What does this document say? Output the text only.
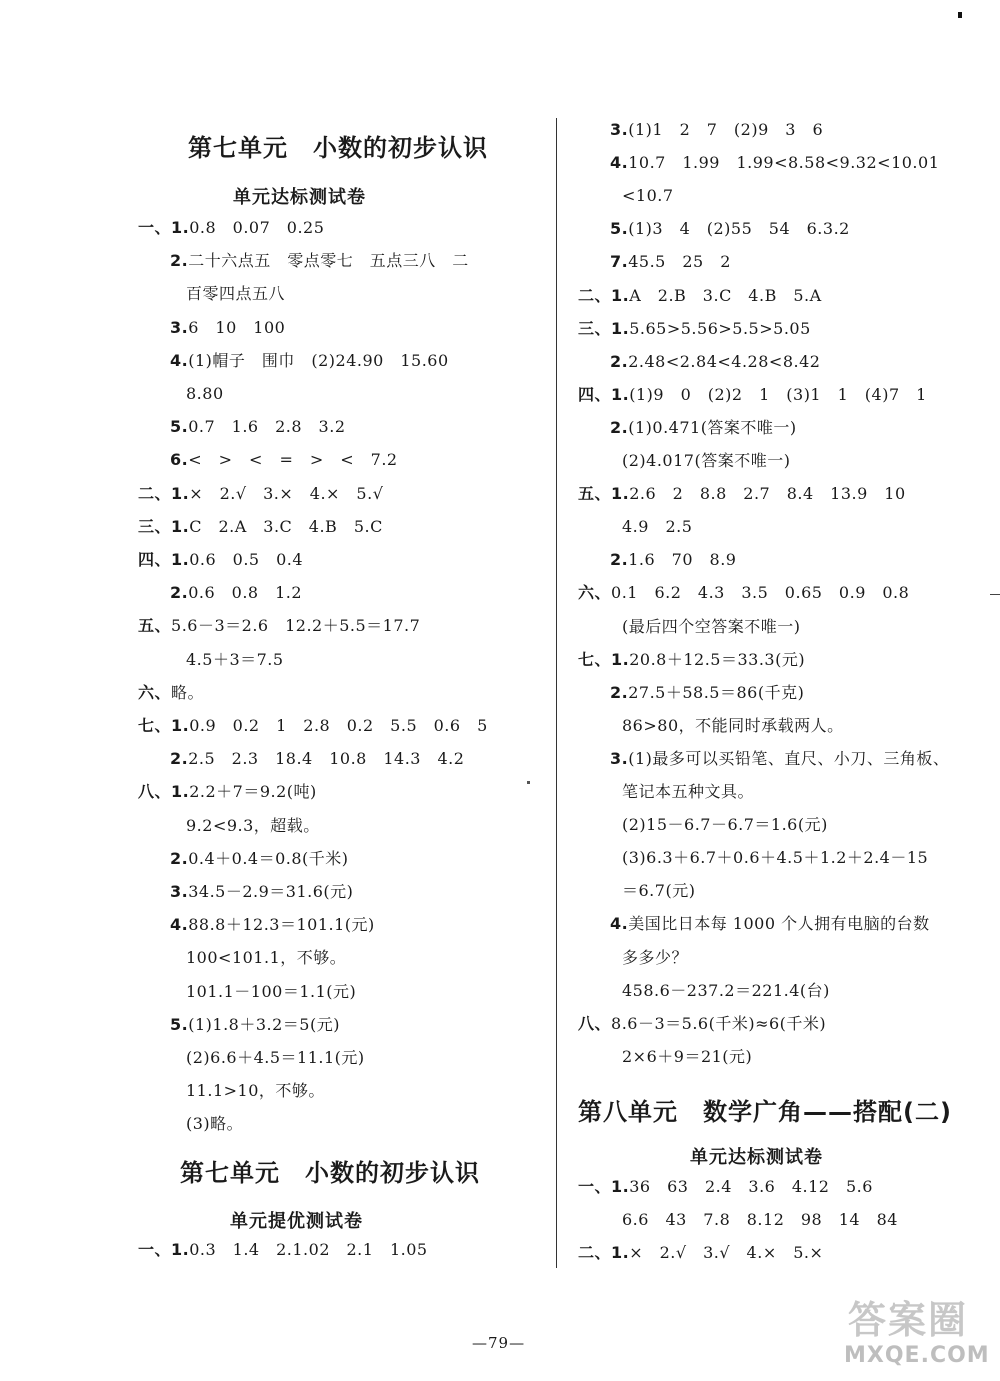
第七单元　小数的初步认识
单元达标测试卷
一、1.0.8　0.07　0.25
2.二十六点五　零点零七　五点三八　二
百零四点五八
3.6　10　100
4.(1)帽子　围巾　(2)24.90　15.60
8.80
5.0.7　1.6　2.8　3.2
6.<　>　<　=　>　<　7.2
二、1.×　2.√　3.×　4.×　5.√
三、1.C　2.A　3.C　4.B　5.C
四、1.0.6　0.5　0.4
2.0.6　0.8　1.2
五、5.6－3＝2.6　12.2＋5.5＝17.7
4.5＋3＝7.5
六、略。
七、1.0.9　0.2　1　2.8　0.2　5.5　0.6　5
2.2.5　2.3　18.4　10.8　14.3　4.2
八、1.2.2＋7＝9.2(吨)
9.2<9.3，超载。
2.0.4＋0.4＝0.8(千米)
3.34.5－2.9＝31.6(元)
4.88.8＋12.3＝101.1(元)
100<101.1，不够。
101.1－100＝1.1(元)
5.(1)1.8＋3.2＝5(元)
(2)6.6＋4.5＝11.1(元)
11.1>10，不够。
(3)略。
第七单元　小数的初步认识
单元提优测试卷
一、1.0.3　1.4　2.1.02　2.1　1.05
3.(1)1　2　7　(2)9　3　6
4.10.7　1.99　1.99<8.58<9.32<10.01
<10.7
5.(1)3　4　(2)55　54　6.3.2
7.45.5　25　2
二、1.A　2.B　3.C　4.B　5.A
三、1.5.65>5.56>5.5>5.05
2.2.48<2.84<4.28<8.42
四、1.(1)9　0　(2)2　1　(3)1　1　(4)7　1
2.(1)0.471(答案不唯一)
(2)4.017(答案不唯一)
五、1.2.6　2　8.8　2.7　8.4　13.9　10
4.9　2.5
2.1.6　70　8.9
六、0.1　6.2　4.3　3.5　0.65　0.9　0.8
(最后四个空答案不唯一)
七、1.20.8＋12.5＝33.3(元)
2.27.5＋58.5＝86(千克)
86>80，不能同时承载两人。
3.(1)最多可以买铅笔、直尺、小刀、三角板、
笔记本五种文具。
(2)15－6.7－6.7＝1.6(元)
(3)6.3＋6.7＋0.6＋4.5＋1.2＋2.4－15
＝6.7(元)
4.美国比日本每 1000 个人拥有电脑的台数
多多少？
458.6－237.2＝221.4(台)
八、8.6－3＝5.6(千米)≈6(千米)
2×6＋9＝21(元)
第八单元　数学广角——搭配(二)
单元达标测试卷
一、1.36　63　2.4　3.6　4.12　5.6
6.6　43　7.8　8.12　98　14　84
二、1.×　2.√　3.√　4.×　5.×
—79—
答案圈
MXQE.COM
